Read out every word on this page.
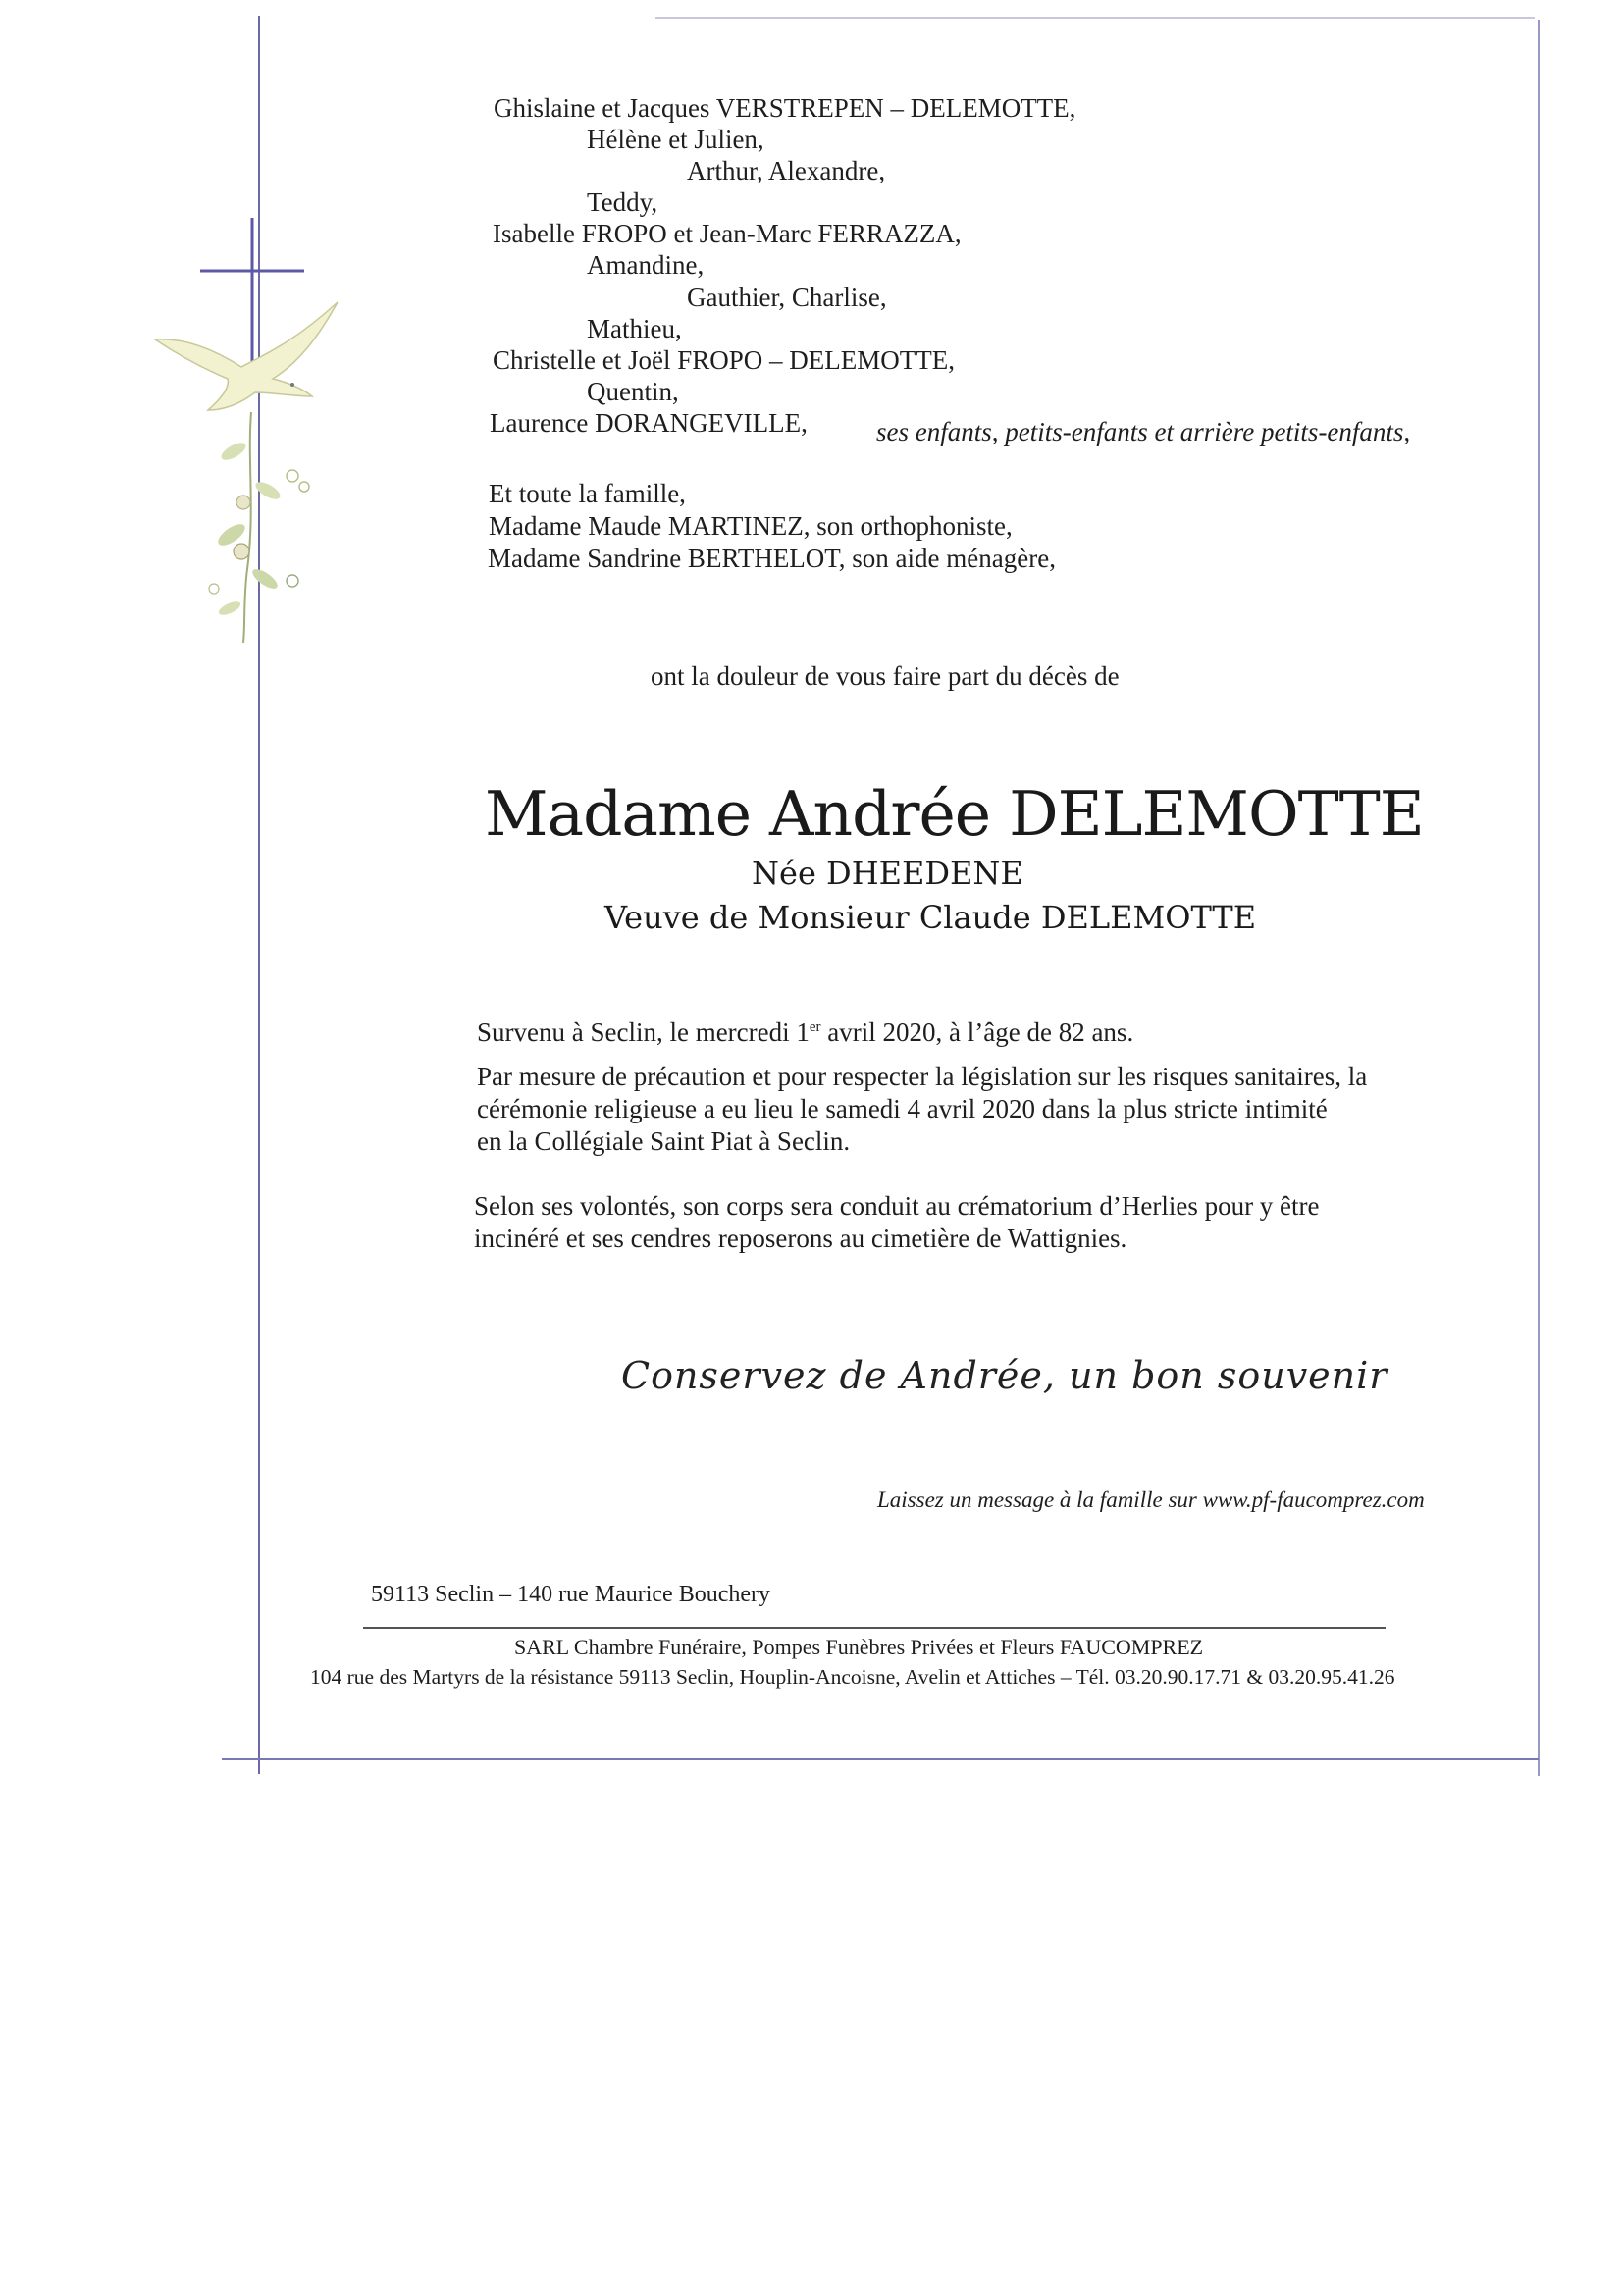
Ghislaine et Jacques VERSTREPEN – DELEMOTTE,
Hélène et Julien,
Arthur, Alexandre,
Teddy,
Isabelle FROPO et Jean-Marc FERRAZZA,
Amandine,
Gauthier, Charlise,
Mathieu,
Christelle et Joël FROPO – DELEMOTTE,
Quentin,
Laurence DORANGEVILLE,	ses enfants, petits-enfants et arrière petits-enfants,
Et toute la famille,
Madame Maude MARTINEZ, son orthophoniste,
Madame Sandrine BERTHELOT, son aide ménagère,
ont la douleur de vous faire part du décès de
Madame Andrée DELEMOTTE
Née DHEEDENE
Veuve de Monsieur Claude DELEMOTTE
Survenu à Seclin, le mercredi 1er avril 2020, à l’âge de 82 ans.
Par mesure de précaution et pour respecter la législation sur les risques sanitaires, la
cérémonie religieuse a eu lieu le samedi 4 avril 2020 dans la plus stricte intimité
en la Collégiale Saint Piat à Seclin.
Selon ses volontés, son corps sera conduit au crématorium d’Herlies pour y être
incinéré et ses cendres reposerons au cimetière de Wattignies.
Conservez de Andrée, un bon souvenir
Laissez un message à la famille sur www.pf-faucomprez.com
59113 Seclin – 140 rue Maurice Bouchery
SARL Chambre Funéraire, Pompes Funèbres Privées et Fleurs FAUCOMPREZ
104 rue des Martyrs de la résistance 59113 Seclin, Houplin-Ancoisne, Avelin et Attiches – Tél. 03.20.90.17.71 & 03.20.95.41.26
